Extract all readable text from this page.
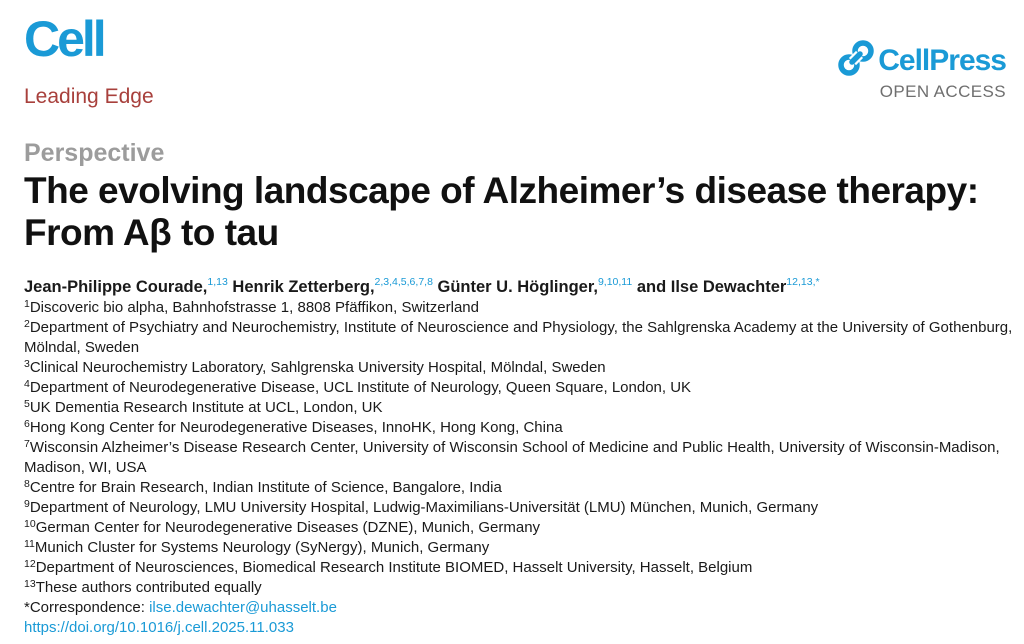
Cell
Leading Edge
CellPress
OPEN ACCESS
Perspective
The evolving landscape of Alzheimer’s disease therapy: From Aβ to tau
Jean-Philippe Courade,$^{1,13}$ Henrik Zetterberg,$^{2,3,4,5,6,7,8}$ Günter U. Höglinger,$^{9,10,11}$ and Ilse Dewachter$^{12,13,*}$

$^1$Discoveric bio alpha, Bahnhofstrasse 1, 8808 Pfäffikon, Switzerland

$^2$Department of Psychiatry and Neurochemistry, Institute of Neuroscience and Physiology, the Sahlgrenska Academy at the University of Gothenburg, Mölndal, Sweden

$^3$Clinical Neurochemistry Laboratory, Sahlgrenska University Hospital, Mölndal, Sweden

$^4$Department of Neurodegenerative Disease, UCL Institute of Neurology, Queen Square, London, UK

$^5$UK Dementia Research Institute at UCL, London, UK

$^6$Hong Kong Center for Neurodegenerative Diseases, InnoHK, Hong Kong, China

$^7$Wisconsin Alzheimer’s Disease Research Center, University of Wisconsin School of Medicine and Public Health, University of Wisconsin-Madison, Madison, WI, USA

$^8$Centre for Brain Research, Indian Institute of Science, Bangalore, India

$^9$Department of Neurology, LMU University Hospital, Ludwig-Maximilians-Universität (LMU) München, Munich, Germany

$^{10}$German Center for Neurodegenerative Diseases (DZNE), Munich, Germany

$^{11}$Munich Cluster for Systems Neurology (SyNergy), Munich, Germany

$^{12}$Department of Neurosciences, Biomedical Research Institute BIOMED, Hasselt University, Hasselt, Belgium

$^{13}$These authors contributed equally

*Correspondence: ilse.dewachter@uhasselt.be

https://doi.org/10.1016/j.cell.2025.11.033
